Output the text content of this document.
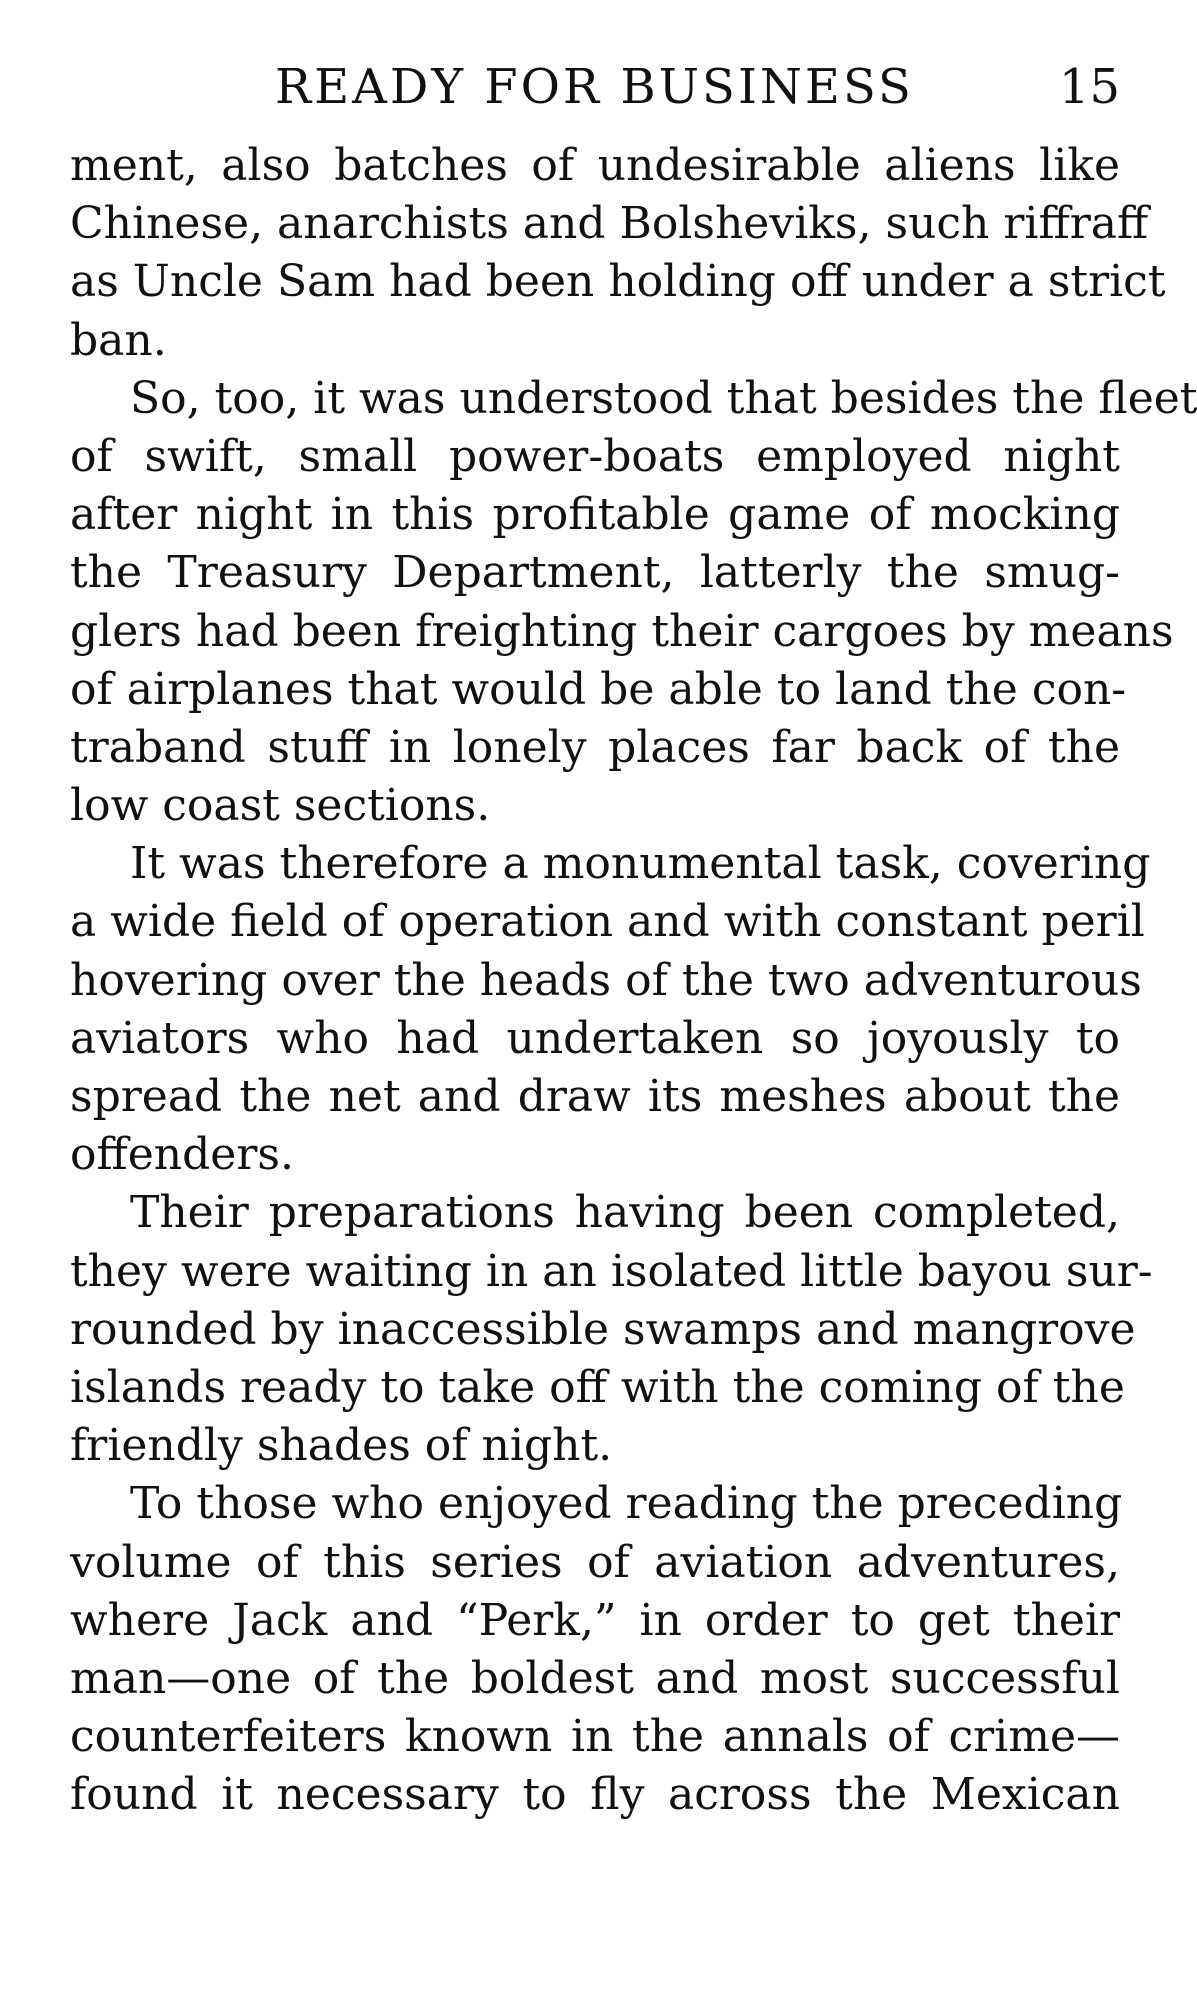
READY FOR BUSINESS	15
ment, also batches of undesirable aliens like
Chinese, anarchists and Bolsheviks, such riffraff
as Uncle Sam had been holding off under a strict
ban.
So, too, it was understood that besides the fleet
of swift, small power-boats employed night
after night in this profitable game of mocking
the Treasury Department, latterly the smug-
glers had been freighting their cargoes by means
of airplanes that would be able to land the con-
traband stuff in lonely places far back of the
low coast sections.
It was therefore a monumental task, covering
a wide field of operation and with constant peril
hovering over the heads of the two adventurous
aviators who had undertaken so joyously to
spread the net and draw its meshes about the
offenders.
Their preparations having been completed,
they were waiting in an isolated little bayou sur-
rounded by inaccessible swamps and mangrove
islands ready to take off with the coming of the
friendly shades of night.
To those who enjoyed reading the preceding
volume of this series of aviation adventures,
where Jack and “Perk,” in order to get their
man—one of the boldest and most successful
counterfeiters known in the annals of crime—
found it necessary to fly across the Mexican
